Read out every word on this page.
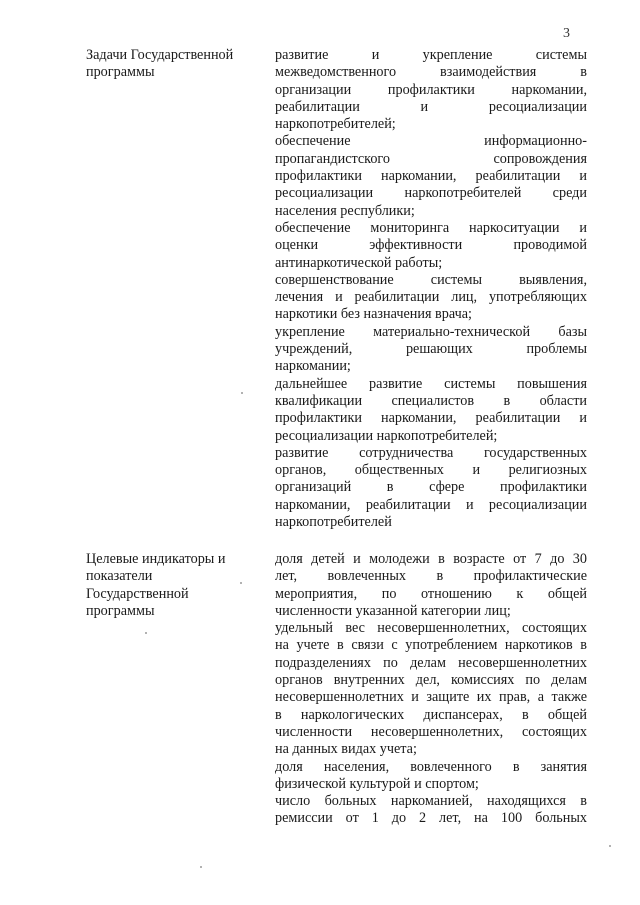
3
Задачи Государственной
программы
развитие и укрепление системы
межведомственного взаимодействия в
организации профилактики наркомании,
реабилитации и ресоциализации
наркопотребителей;
обеспечение информационно-
пропагандистского сопровождения
профилактики наркомании, реабилитации и
ресоциализации наркопотребителей среди
населения республики;
обеспечение мониторинга наркоситуации и
оценки эффективности проводимой
антинаркотической работы;
совершенствование системы выявления,
лечения и реабилитации лиц, употребляющих
наркотики без назначения врача;
укрепление материально-технической базы
учреждений, решающих проблемы
наркомании;
дальнейшее развитие системы повышения
квалификации специалистов в области
профилактики наркомании, реабилитации и
ресоциализации наркопотребителей;
развитие сотрудничества государственных
органов, общественных и религиозных
организаций в сфере профилактики
наркомании, реабилитации и ресоциализации
наркопотребителей
Целевые индикаторы и
показатели
Государственной
программы
доля детей и молодежи в возрасте от 7 до 30
лет, вовлеченных в профилактические
мероприятия, по отношению к общей
численности указанной категории лиц;
удельный вес несовершеннолетних, состоящих
на учете в связи с употреблением наркотиков в
подразделениях по делам несовершеннолетних
органов внутренних дел, комиссиях по делам
несовершеннолетних и защите их прав, а также
в наркологических диспансерах, в общей
численности несовершеннолетних, состоящих
на данных видах учета;
доля населения, вовлеченного в занятия
физической культурой и спортом;
число больных наркоманией, находящихся в
ремиссии от 1 до 2 лет, на 100 больных
